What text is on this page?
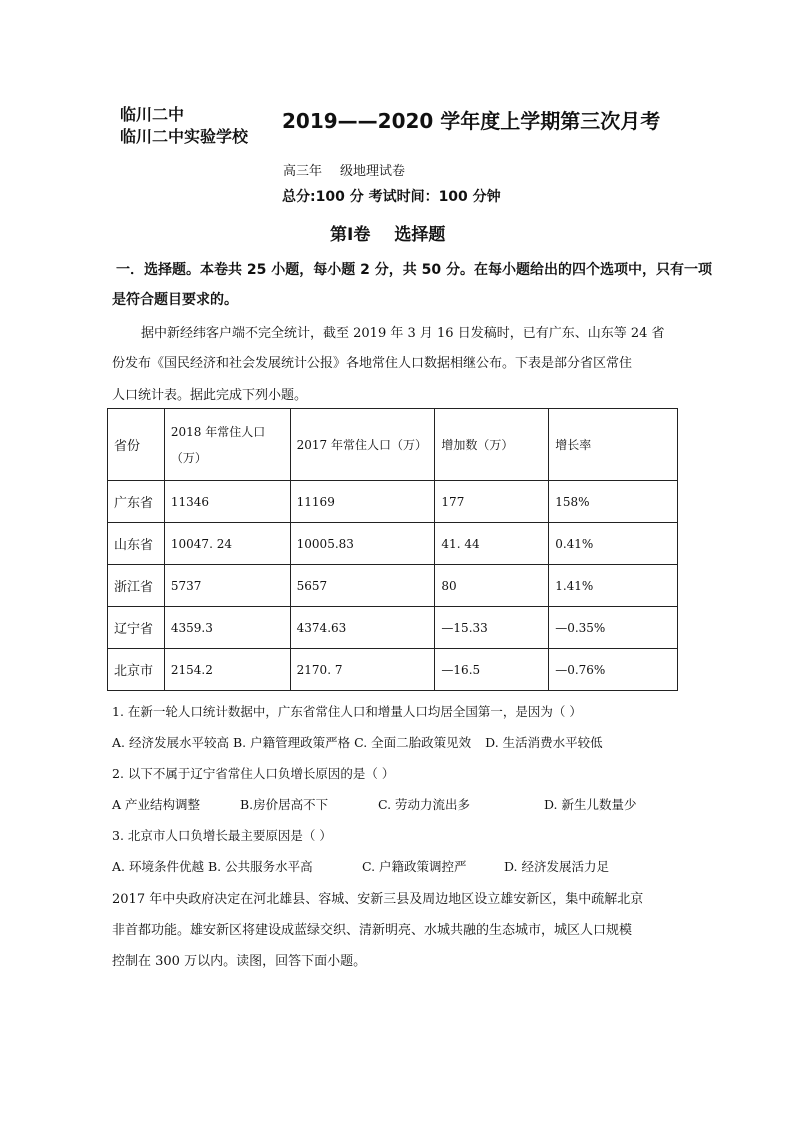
临川二中
临川二中实验学校
2019——2020 学年度上学期第三次月考
高三年 级地理试卷
总分:100 分 考试时间：100 分钟
第Ⅰ卷 选择题
一．选择题。本卷共 25 小题，每小题 2 分，共 50 分。在每小题给出的四个选项中，只有一项
是符合题目要求的。
据中新经纬客户端不完全统计，截至 2019 年 3 月 16 日发稿时，已有广东、山东等 24 省
份发布《国民经济和社会发展统计公报》各地常住人口数据相继公布。下表是部分省区常住
人口统计表。据此完成下列小题。
省份	2018 年常住人口（万）	2017 年常住人口（万）	增加数（万）	增长率
广东省	11346	11169	177	158%
山东省	10047. 24	10005.83	41. 44	0.41%
浙江省	5737	5657	80	1.41%
辽宁省	4359.3	4374.63	—15.33	—0.35%
北京市	2154.2	2170. 7	—16.5	—0.76%
1. 在新一轮人口统计数据中，广东省常住人口和增量人口均居全国第一，是因为（ ）
A. 经济发展水平较高 B. 户籍管理政策严格 C. 全面二胎政策见效 D. 生活消费水平较低
2. 以下不属于辽宁省常住人口负增长原因的是（ ）
A 产业结构调整	B.房价居高不下	C. 劳动力流出多	D. 新生儿数量少
3. 北京市人口负增长最主要原因是（ ）
A. 环境条件优越 B. 公共服务水平高	C. 户籍政策调控严	D. 经济发展活力足
2017 年中央政府决定在河北雄县、容城、安新三县及周边地区设立雄安新区，集中疏解北京
非首都功能。雄安新区将建设成蓝绿交织、清新明亮、水城共融的生态城市，城区人口规模
控制在 300 万以内。读图，回答下面小题。
